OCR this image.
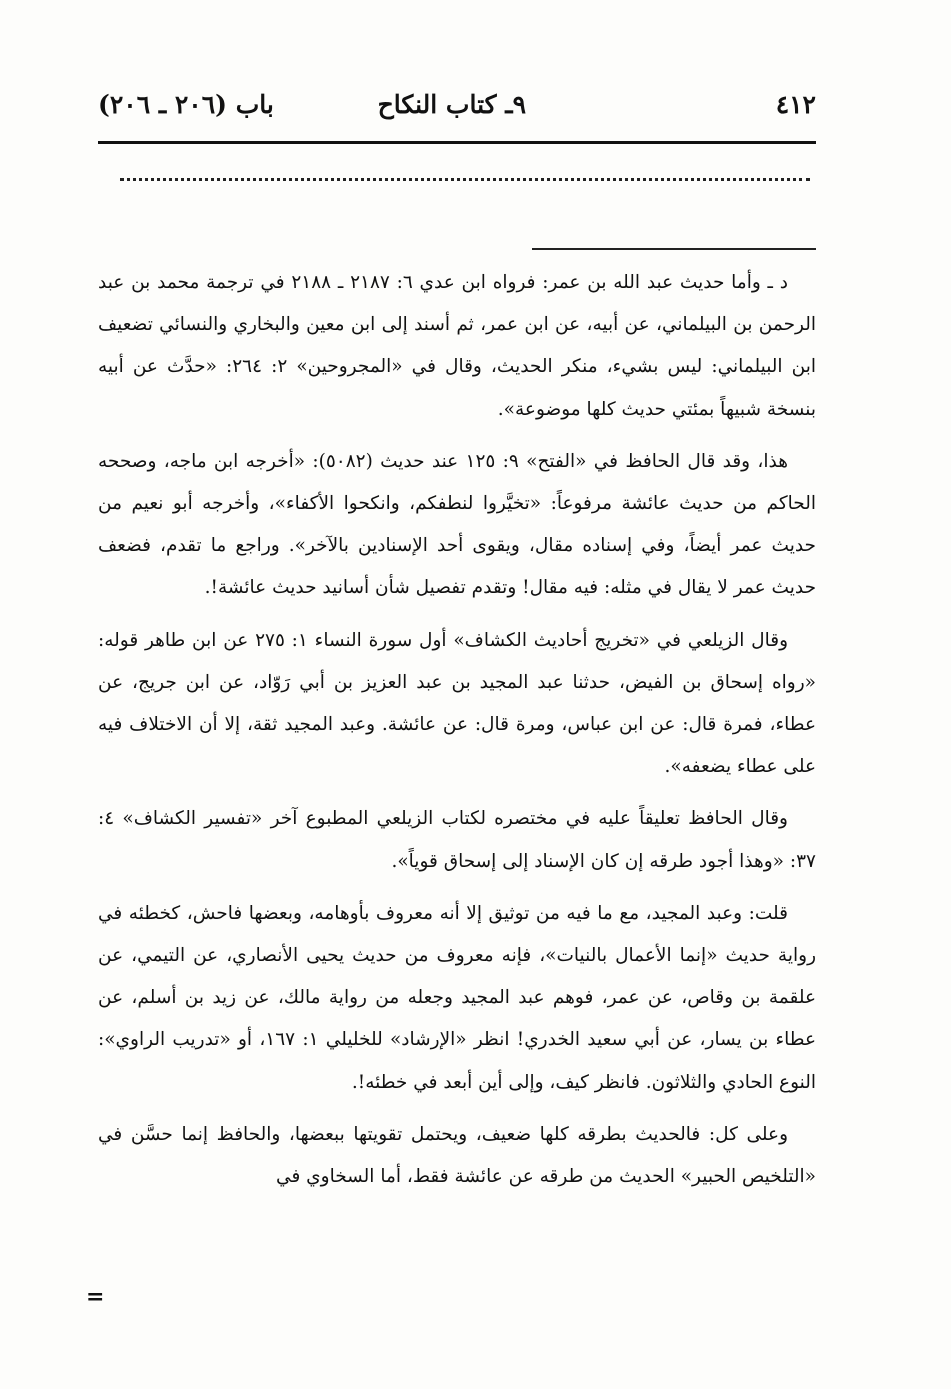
٤١٢
٩ـ كتاب النكاح
باب (٢٠٦ ـ ٢٠٦)

د ـ وأما حديث عبد الله بن عمر: فرواه ابن عدي ٦: ٢١٨٧ ـ ٢١٨٨ في ترجمة محمد بن عبد الرحمن بن البيلماني، عن أبيه، عن ابن عمر، ثم أسند إلى ابن معين والبخاري والنسائي تضعيف ابن البيلماني: ليس بشيء، منكر الحديث، وقال في «المجروحين» ٢: ٢٦٤: «حدَّث عن أبيه بنسخة شبيهاً بمئتي حديث كلها موضوعة».

هذا، وقد قال الحافظ في «الفتح» ٩: ١٢٥ عند حديث (٥٠٨٢): «أخرجه ابن ماجه، وصححه الحاكم من حديث عائشة مرفوعاً: «تخيَّروا لنطفكم، وانكحوا الأكفاء»، وأخرجه أبو نعيم من حديث عمر أيضاً، وفي إسناده مقال، ويقوى أحد الإسنادين بالآخر». وراجع ما تقدم، فضعف حديث عمر لا يقال في مثله: فيه مقال! وتقدم تفصيل شأن أسانيد حديث عائشة!.

وقال الزيلعي في «تخريج أحاديث الكشاف» أول سورة النساء ١: ٢٧٥ عن ابن طاهر قوله: «رواه إسحاق بن الفيض، حدثنا عبد المجيد بن عبد العزيز بن أبي رَوّاد، عن ابن جريج، عن عطاء، فمرة قال: عن ابن عباس، ومرة قال: عن عائشة. وعبد المجيد ثقة، إلا أن الاختلاف فيه على عطاء يضعفه».

وقال الحافظ تعليقاً عليه في مختصره لكتاب الزيلعي المطبوع آخر «تفسير الكشاف» ٤: ٣٧: «وهذا أجود طرقه إن كان الإسناد إلى إسحاق قوياً».

قلت: وعبد المجيد، مع ما فيه من توثيق إلا أنه معروف بأوهامه، وبعضها فاحش، كخطئه في رواية حديث «إنما الأعمال بالنيات»، فإنه معروف من حديث يحيى الأنصاري، عن التيمي، عن علقمة بن وقاص، عن عمر، فوهم عبد المجيد وجعله من رواية مالك، عن زيد بن أسلم، عن عطاء بن يسار، عن أبي سعيد الخدري! انظر «الإرشاد» للخليلي ١: ١٦٧، أو «تدريب الراوي»: النوع الحادي والثلاثون. فانظر كيف، وإلى أين أبعد في خطئه!.

وعلى كل: فالحديث بطرقه كلها ضعيف، ويحتمل تقويتها ببعضها، والحافظ إنما حسَّن في «التلخيص الحبير» الحديث من طرقه عن عائشة فقط، أما السخاوي في

=
